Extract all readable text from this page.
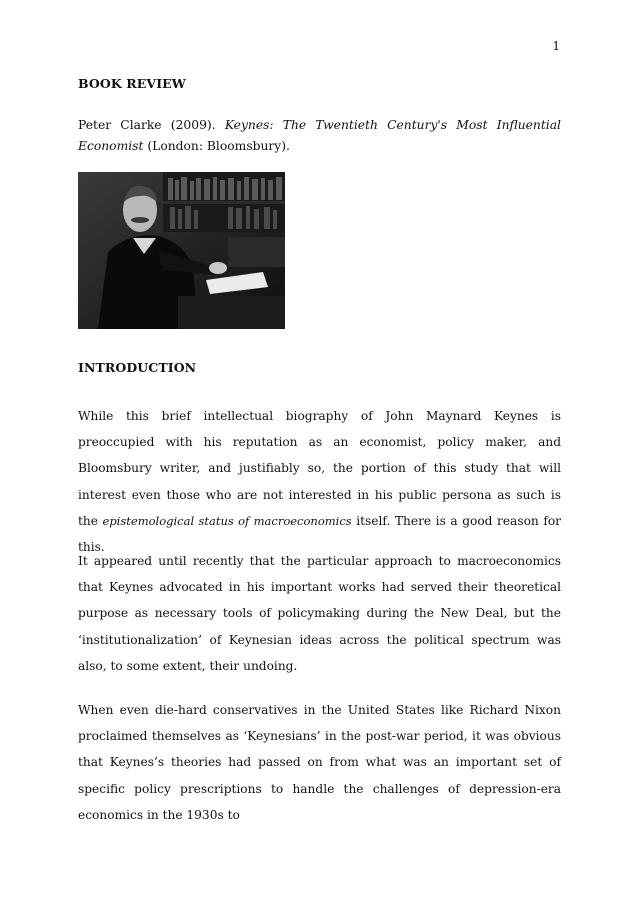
1
BOOK REVIEW
Peter Clarke (2009). Keynes: The Twentieth Century's Most Influential Economist (London: Bloomsbury).
INTRODUCTION

While this brief intellectual biography of John Maynard Keynes is preoccupied with his reputation as an economist, policy maker, and Bloomsbury writer, and justifiably so, the portion of this study that will interest even those who are not interested in his public persona as such is the epistemological status of macroeconomics itself. There is a good reason for this.

It appeared until recently that the particular approach to macroeconomics that Keynes advocated in his important works had served their theoretical purpose as necessary tools of policymaking during the New Deal, but the ‘institutionalization’ of Keynesian ideas across the political spectrum was also, to some extent, their undoing.

When even die-hard conservatives in the United States like Richard Nixon proclaimed themselves as ‘Keynesians’ in the post-war period, it was obvious that Keynes’s theories had passed on from what was an important set of specific policy prescriptions to handle the challenges of depression-era economics in the 1930s to
